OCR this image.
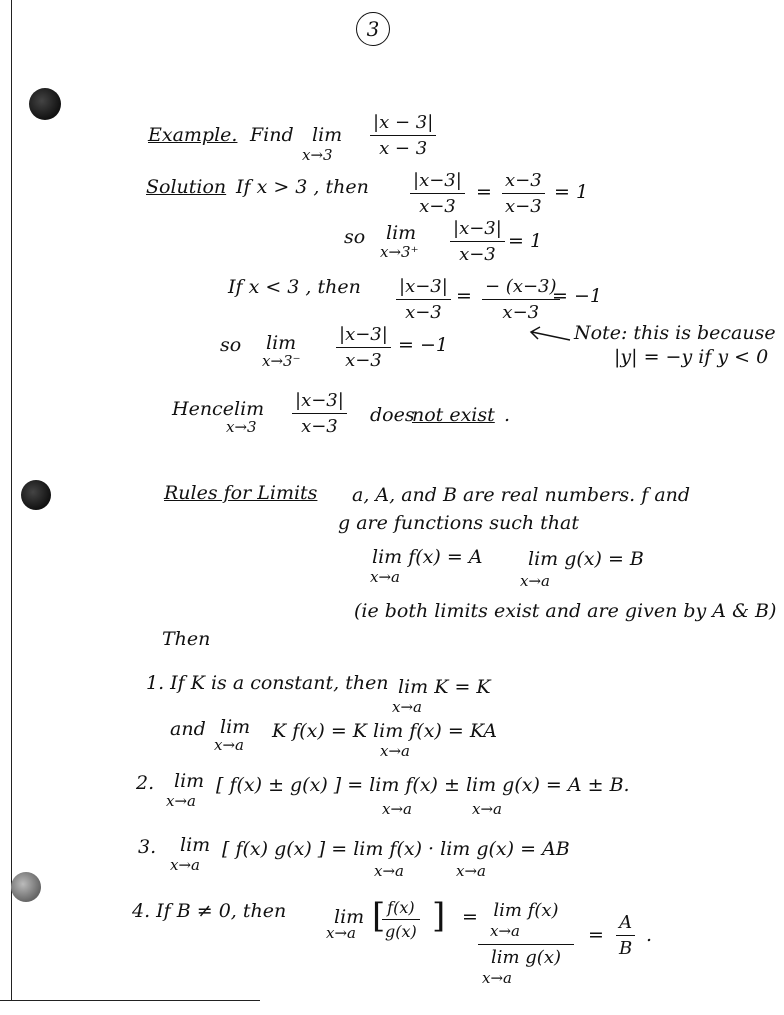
3
Example. Find lim
$x\to 3 \frac{|x - 3|}{x - 3}$
Solution If x > 3 , then $\frac{|x-3|}{x-3} = \frac{x-3}{x-3} = 1$
so lim
$x\to 3^+ \frac{|x-3|}{x-3} = 1$
If x < 3 , then $\frac{|x-3|}{x-3} = \frac{- (x-3)}{x-3}$
= −1
so lim
$x\to 3^- \frac{|x-3|}{x-3} = -1$
Note: this is because
|y| = −y if y < 0
Hence lim
$x\to 3 \frac{|x-3|}{x-3}$ does
not exist .
Rules for Limits a, A, and B are real numbers. f and
g are functions such that
lim f(x) = A
x→a
lim g(x) = B
x→a
(ie both limits exist and are given by A & B)
Then
1. If K is a constant, then lim K = K
x→a
and lim
x→a
K f(x) = K lim f(x) = KA
x→a
2. lim
x→a
[ f(x) ± g(x) ] = lim f(x) ± lim g(x) = A ± B.
x→a	x→a
3. lim
x→a
[ f(x) g(x) ] = lim f(x) · lim g(x) = AB
x→a	x→a
4. If B ≠ 0, then	lim
x→a [
$\frac{f(x)}{g(x)}$ ] = lim f(x)
x→a
lim g(x)
$x\to a = \frac{A}{B}$ .
